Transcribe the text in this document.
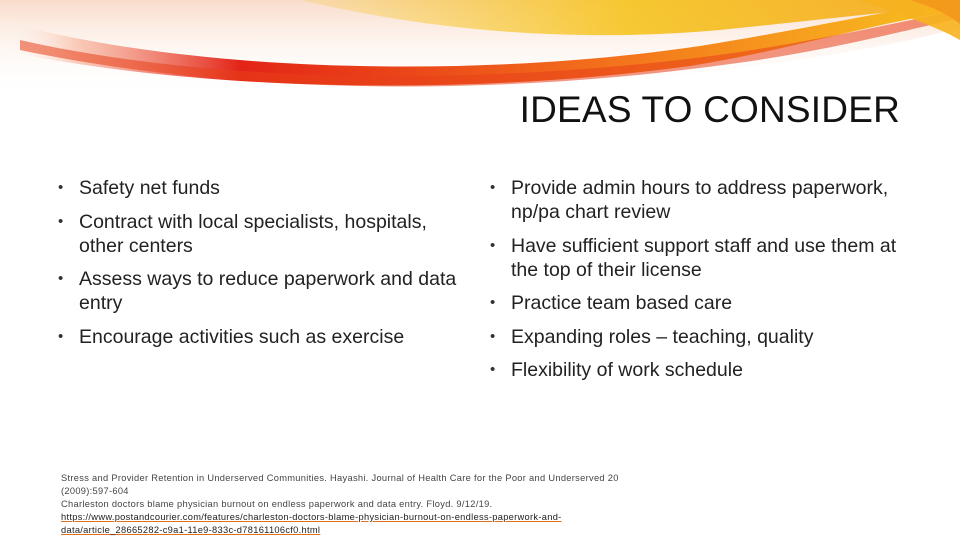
IDEAS TO CONSIDER
• Safety net funds
• Contract with local specialists, hospitals, other centers
• Assess ways to reduce paperwork and data entry
• Encourage activities such as exercise
• Provide admin hours to address paperwork, np/pa chart review
• Have sufficient support staff and use them at the top of their license
• Practice team based care
• Expanding roles – teaching, quality
• Flexibility of work schedule
Stress and Provider Retention in Underserved Communities. Hayashi. Journal of Health Care for the Poor and Underserved 20
(2009):597-604
Charleston doctors blame physician burnout on endless paperwork and data entry. Floyd. 9/12/19.
https://www.postandcourier.com/features/charleston-doctors-blame-physician-burnout-on-endless-paperwork-and-
data/article_28665282-c9a1-11e9-833c-d78161106cf0.html
